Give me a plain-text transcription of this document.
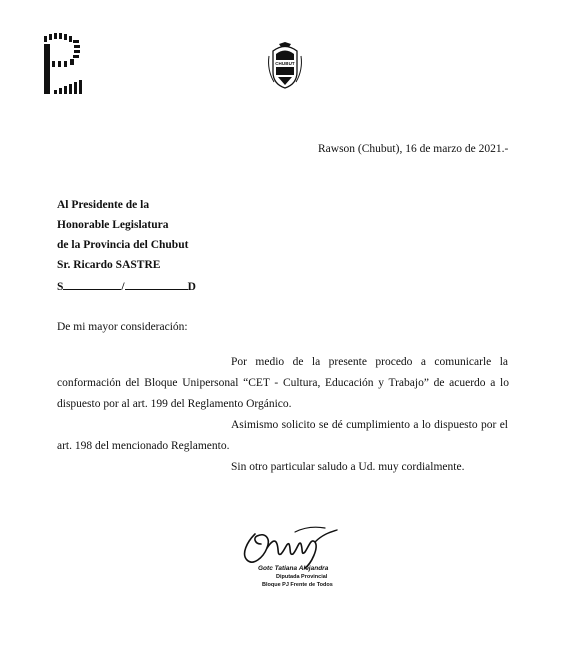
CHUBUT
Rawson (Chubut), 16 de marzo de 2021.-
Al Presidente de la
Honorable Legislatura
de la Provincia del Chubut
Sr. Ricardo SASTRE
S	/	D
De mi mayor consideración:
Por medio de la presente procedo a comunicarle la
conformación del Bloque Unipersonal “CET - Cultura, Educación y Trabajo” de acuerdo a lo
dispuesto por al art. 199 del Reglamento Orgánico.
Asimismo solicito se dé cumplimiento a lo dispuesto por el
art. 198 del mencionado Reglamento.
Sin otro particular saludo a Ud. muy cordialmente.
Gotc Tatiana Alejandra
Diputada Provincial
Bloque PJ Frente de Todos
